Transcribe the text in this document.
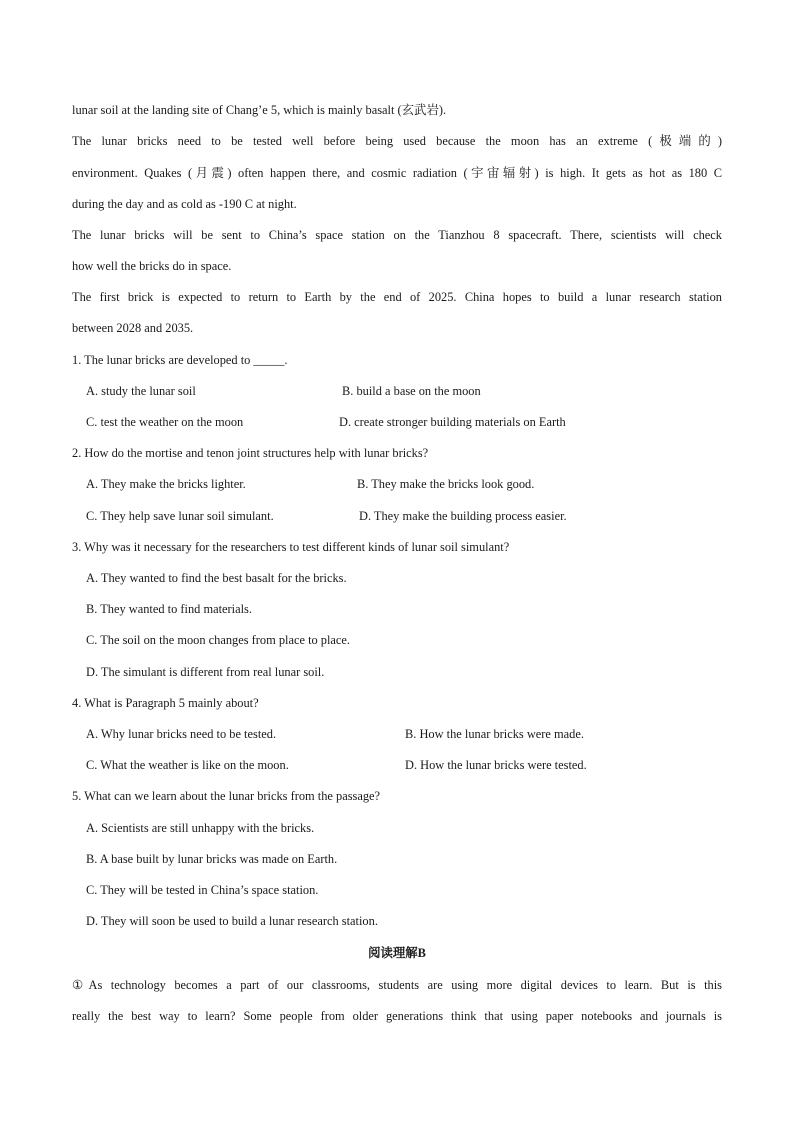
lunar soil at the landing site of Chang’e 5, which is mainly basalt (玄武岩).
The lunar bricks need to be tested well before being used because the moon has an extreme (极端的)
environment. Quakes (月震) often happen there, and cosmic radiation (宇宙辐射) is high. It gets as hot as 180 C
during the day and as cold as -190 C at night.
The lunar bricks will be sent to China’s space station on the Tianzhou 8 spacecraft. There, scientists will check
how well the bricks do in space.
The first brick is expected to return to Earth by the end of 2025. China hopes to build a lunar research station
between 2028 and 2035.
1. The lunar bricks are developed to _____.
A. study the lunar soil	B. build a base on the moon
C. test the weather on the moon	D. create stronger building materials on Earth
2. How do the mortise and tenon joint structures help with lunar bricks?
A. They make the bricks lighter.	B. They make the bricks look good.
C. They help save lunar soil simulant.	D. They make the building process easier.
3. Why was it necessary for the researchers to test different kinds of lunar soil simulant?
A. They wanted to find the best basalt for the bricks.
B. They wanted to find materials.
C. The soil on the moon changes from place to place.
D. The simulant is different from real lunar soil.
4. What is Paragraph 5 mainly about?
A. Why lunar bricks need to be tested.	B. How the lunar bricks were made.
C. What the weather is like on the moon.	D. How the lunar bricks were tested.
5. What can we learn about the lunar bricks from the passage?
A. Scientists are still unhappy with the bricks.
B. A base built by lunar bricks was made on Earth.
C. They will be tested in China’s space station.
D. They will soon be used to build a lunar research station.
阅读理解B
①As technology becomes a part of our classrooms, students are using more digital devices to learn. But is this
really the best way to learn? Some people from older generations think that using paper notebooks and journals is
